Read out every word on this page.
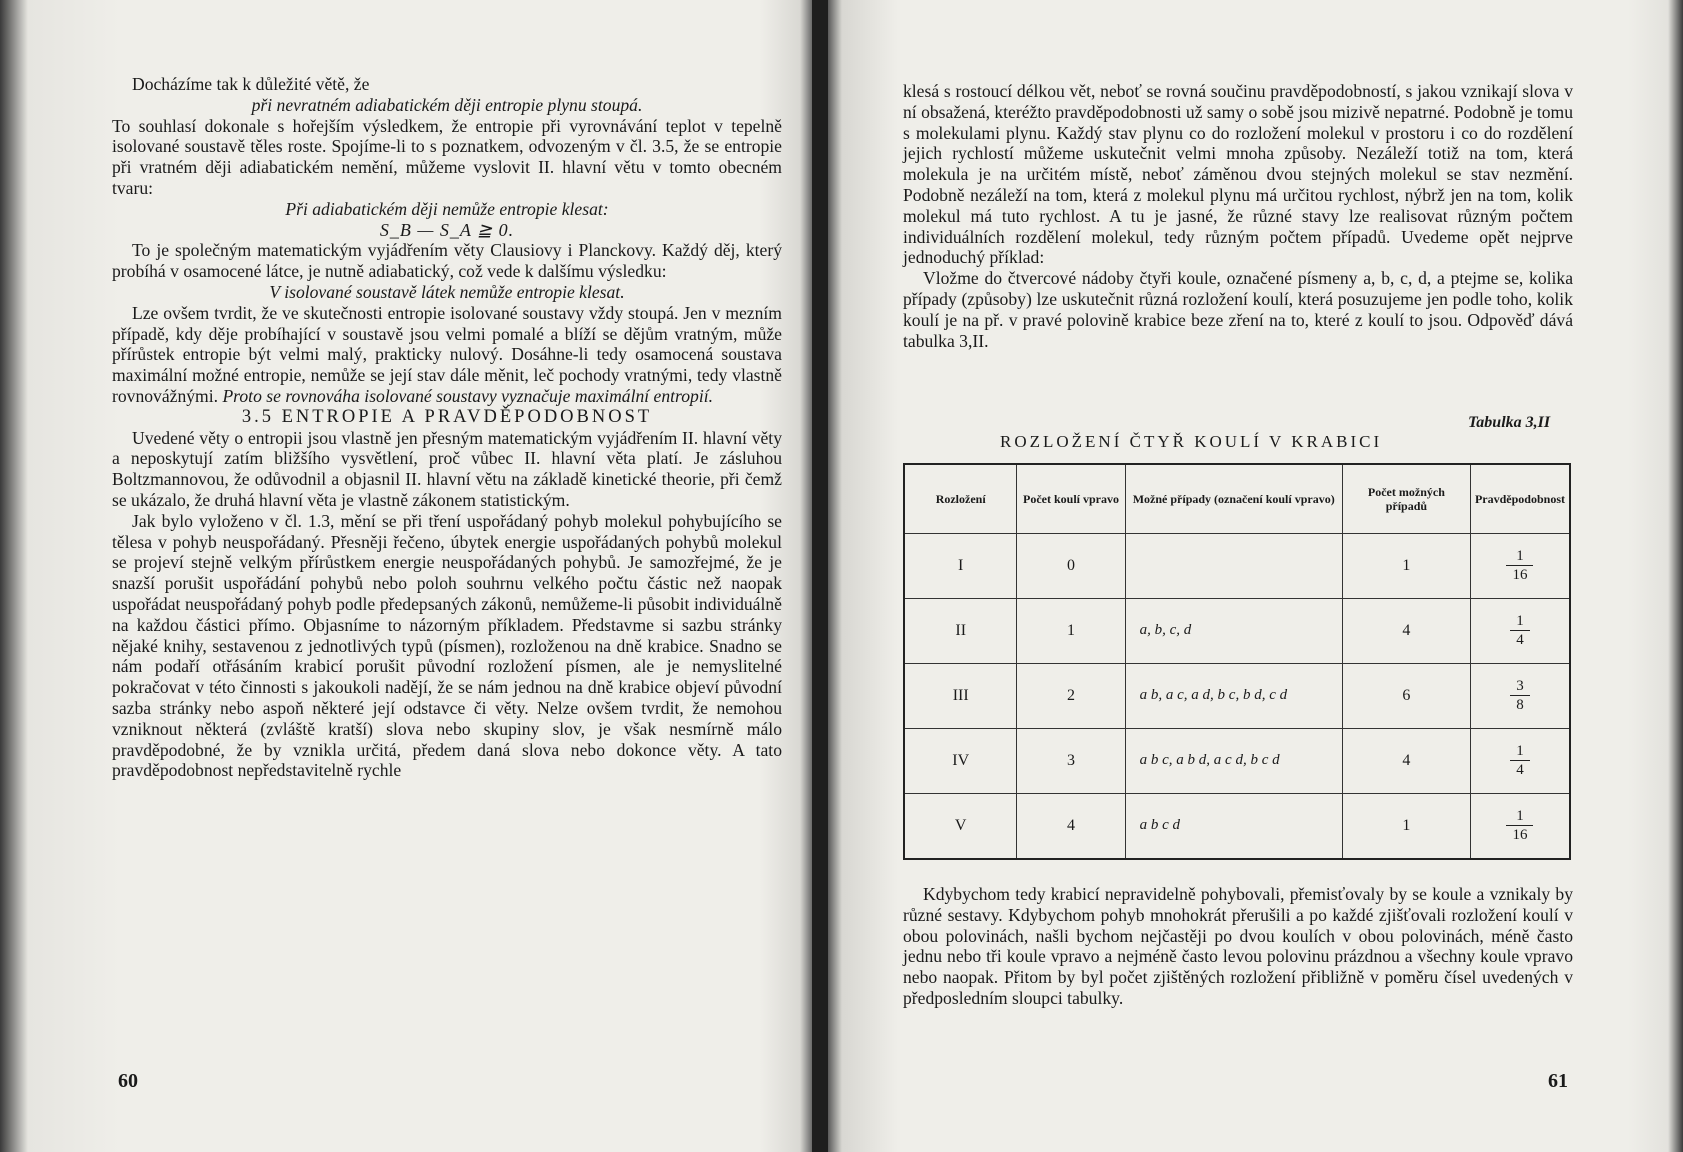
Docházíme tak k důležité větě, že

při nevratném adiabatickém ději entropie plynu stoupá.

To souhlasí dokonale s hořejším výsledkem, že entropie při vyrovnávání teplot v tepelně isolované soustavě těles roste. Spojíme-li to s poznatkem, odvozeným v čl. 3.5, že se entropie při vratném ději adiabatickém nemění, můžeme vyslovit II. hlavní větu v tomto obecném tvaru:

Při adiabatickém ději nemůže entropie klesat:

S_B — S_A ≧ 0.

To je společným matematickým vyjádřením věty Clausiovy i Planckovy. Každý děj, který probíhá v osamocené látce, je nutně adiabatický, což vede k dalšímu výsledku:

V isolované soustavě látek nemůže entropie klesat.

Lze ovšem tvrdit, že ve skutečnosti entropie isolované soustavy vždy stoupá. Jen v mezním případě, kdy děje probíhající v soustavě jsou velmi pomalé a blíží se dějům vratným, může přírůstek entropie být velmi malý, prakticky nulový. Dosáhne-li tedy osamocená soustava maximální možné entropie, nemůže se její stav dále měnit, leč pochody vratnými, tedy vlastně rovnovážnými. Proto se rovnováha isolované soustavy vyznačuje maximální entropií.

3.5 ENTROPIE A PRAVDĚPODOBNOST

Uvedené věty o entropii jsou vlastně jen přesným matematickým vyjádřením II. hlavní věty a neposkytují zatím bližšího vysvětlení, proč vůbec II. hlavní věta platí. Je zásluhou Boltzmannovou, že odůvodnil a objasnil II. hlavní větu na základě kinetické theorie, při čemž se ukázalo, že druhá hlavní věta je vlastně zákonem statistickým.

Jak bylo vyloženo v čl. 1.3, mění se při tření uspořádaný pohyb molekul pohybujícího se tělesa v pohyb neuspořádaný. Přesněji řečeno, úbytek energie uspořádaných pohybů molekul se projeví stejně velkým přírůstkem energie neuspořádaných pohybů. Je samozřejmé, že je snazší porušit uspořádání pohybů nebo poloh souhrnu velkého počtu částic než naopak uspořádat neuspořádaný pohyb podle předepsaných zákonů, nemůžeme-li působit individuálně na každou částici přímo. Objasníme to názorným příkladem. Představme si sazbu stránky nějaké knihy, sestavenou z jednotlivých typů (písmen), rozloženou na dně krabice. Snadno se nám podaří otřásáním krabicí porušit původní rozložení písmen, ale je nemyslitelné pokračovat v této činnosti s jakoukoli nadějí, že se nám jednou na dně krabice objeví původní sazba stránky nebo aspoň některé její odstavce či věty. Nelze ovšem tvrdit, že nemohou vzniknout některá (zvláště kratší) slova nebo skupiny slov, je však nesmírně málo pravděpodobné, že by vznikla určitá, předem daná slova nebo dokonce věty. A tato pravděpodobnost nepředstavitelně rychle

60

klesá s rostoucí délkou vět, neboť se rovná součinu pravděpodobností, s jakou vznikají slova v ní obsažená, kteréžto pravděpodobnosti už samy o sobě jsou mizivě nepatrné. Podobně je tomu s molekulami plynu. Každý stav plynu co do rozložení molekul v prostoru i co do rozdělení jejich rychlostí můžeme uskutečnit velmi mnoha způsoby. Nezáleží totiž na tom, která molekula je na určitém místě, neboť záměnou dvou stejných molekul se stav nezmění. Podobně nezáleží na tom, která z molekul plynu má určitou rychlost, nýbrž jen na tom, kolik molekul má tuto rychlost. A tu je jasné, že různé stavy lze realisovat různým počtem individuálních rozdělení molekul, tedy různým počtem případů. Uvedeme opět nejprve jednoduchý příklad:

Vložme do čtvercové nádoby čtyři koule, označené písmeny a, b, c, d, a ptejme se, kolika případy (způsoby) lze uskutečnit různá rozložení koulí, která posuzujeme jen podle toho, kolik koulí je na př. v pravé polovině krabice beze zření na to, které z koulí to jsou. Odpověď dává tabulka 3,II.

Tabulka 3,II
ROZLOŽENÍ ČTYŘ KOULÍ V KRABICI
Rozložení	Počet koulí vpravo	Možné případy (označení koulí vpravo)	Počet možných případů	Pravděpodobnost
I	0		1	$\frac{1}{16}$

II	1	a, b, c, d	4	$\frac{1}{4}$

III	2	a b, a c, a d, b c, b d, c d	6	$\frac{3}{8}$

IV	3	a b c, a b d, a c d, b c d	4	$\frac{1}{4}$

V	4	a b c d	1	$\frac{1}{16}$

Kdybychom tedy krabicí nepravidelně pohybovali, přemisťovaly by se koule a vznikaly by různé sestavy. Kdybychom pohyb mnohokrát přerušili a po každé zjišťovali rozložení koulí v obou polovinách, našli bychom nejčastěji po dvou koulích v obou polovinách, méně často jednu nebo tři koule vpravo a nejméně často levou polovinu prázdnou a všechny koule vpravo nebo naopak. Přitom by byl počet zjištěných rozložení přibližně v poměru čísel uvedených v předposledním sloupci tabulky.

61
